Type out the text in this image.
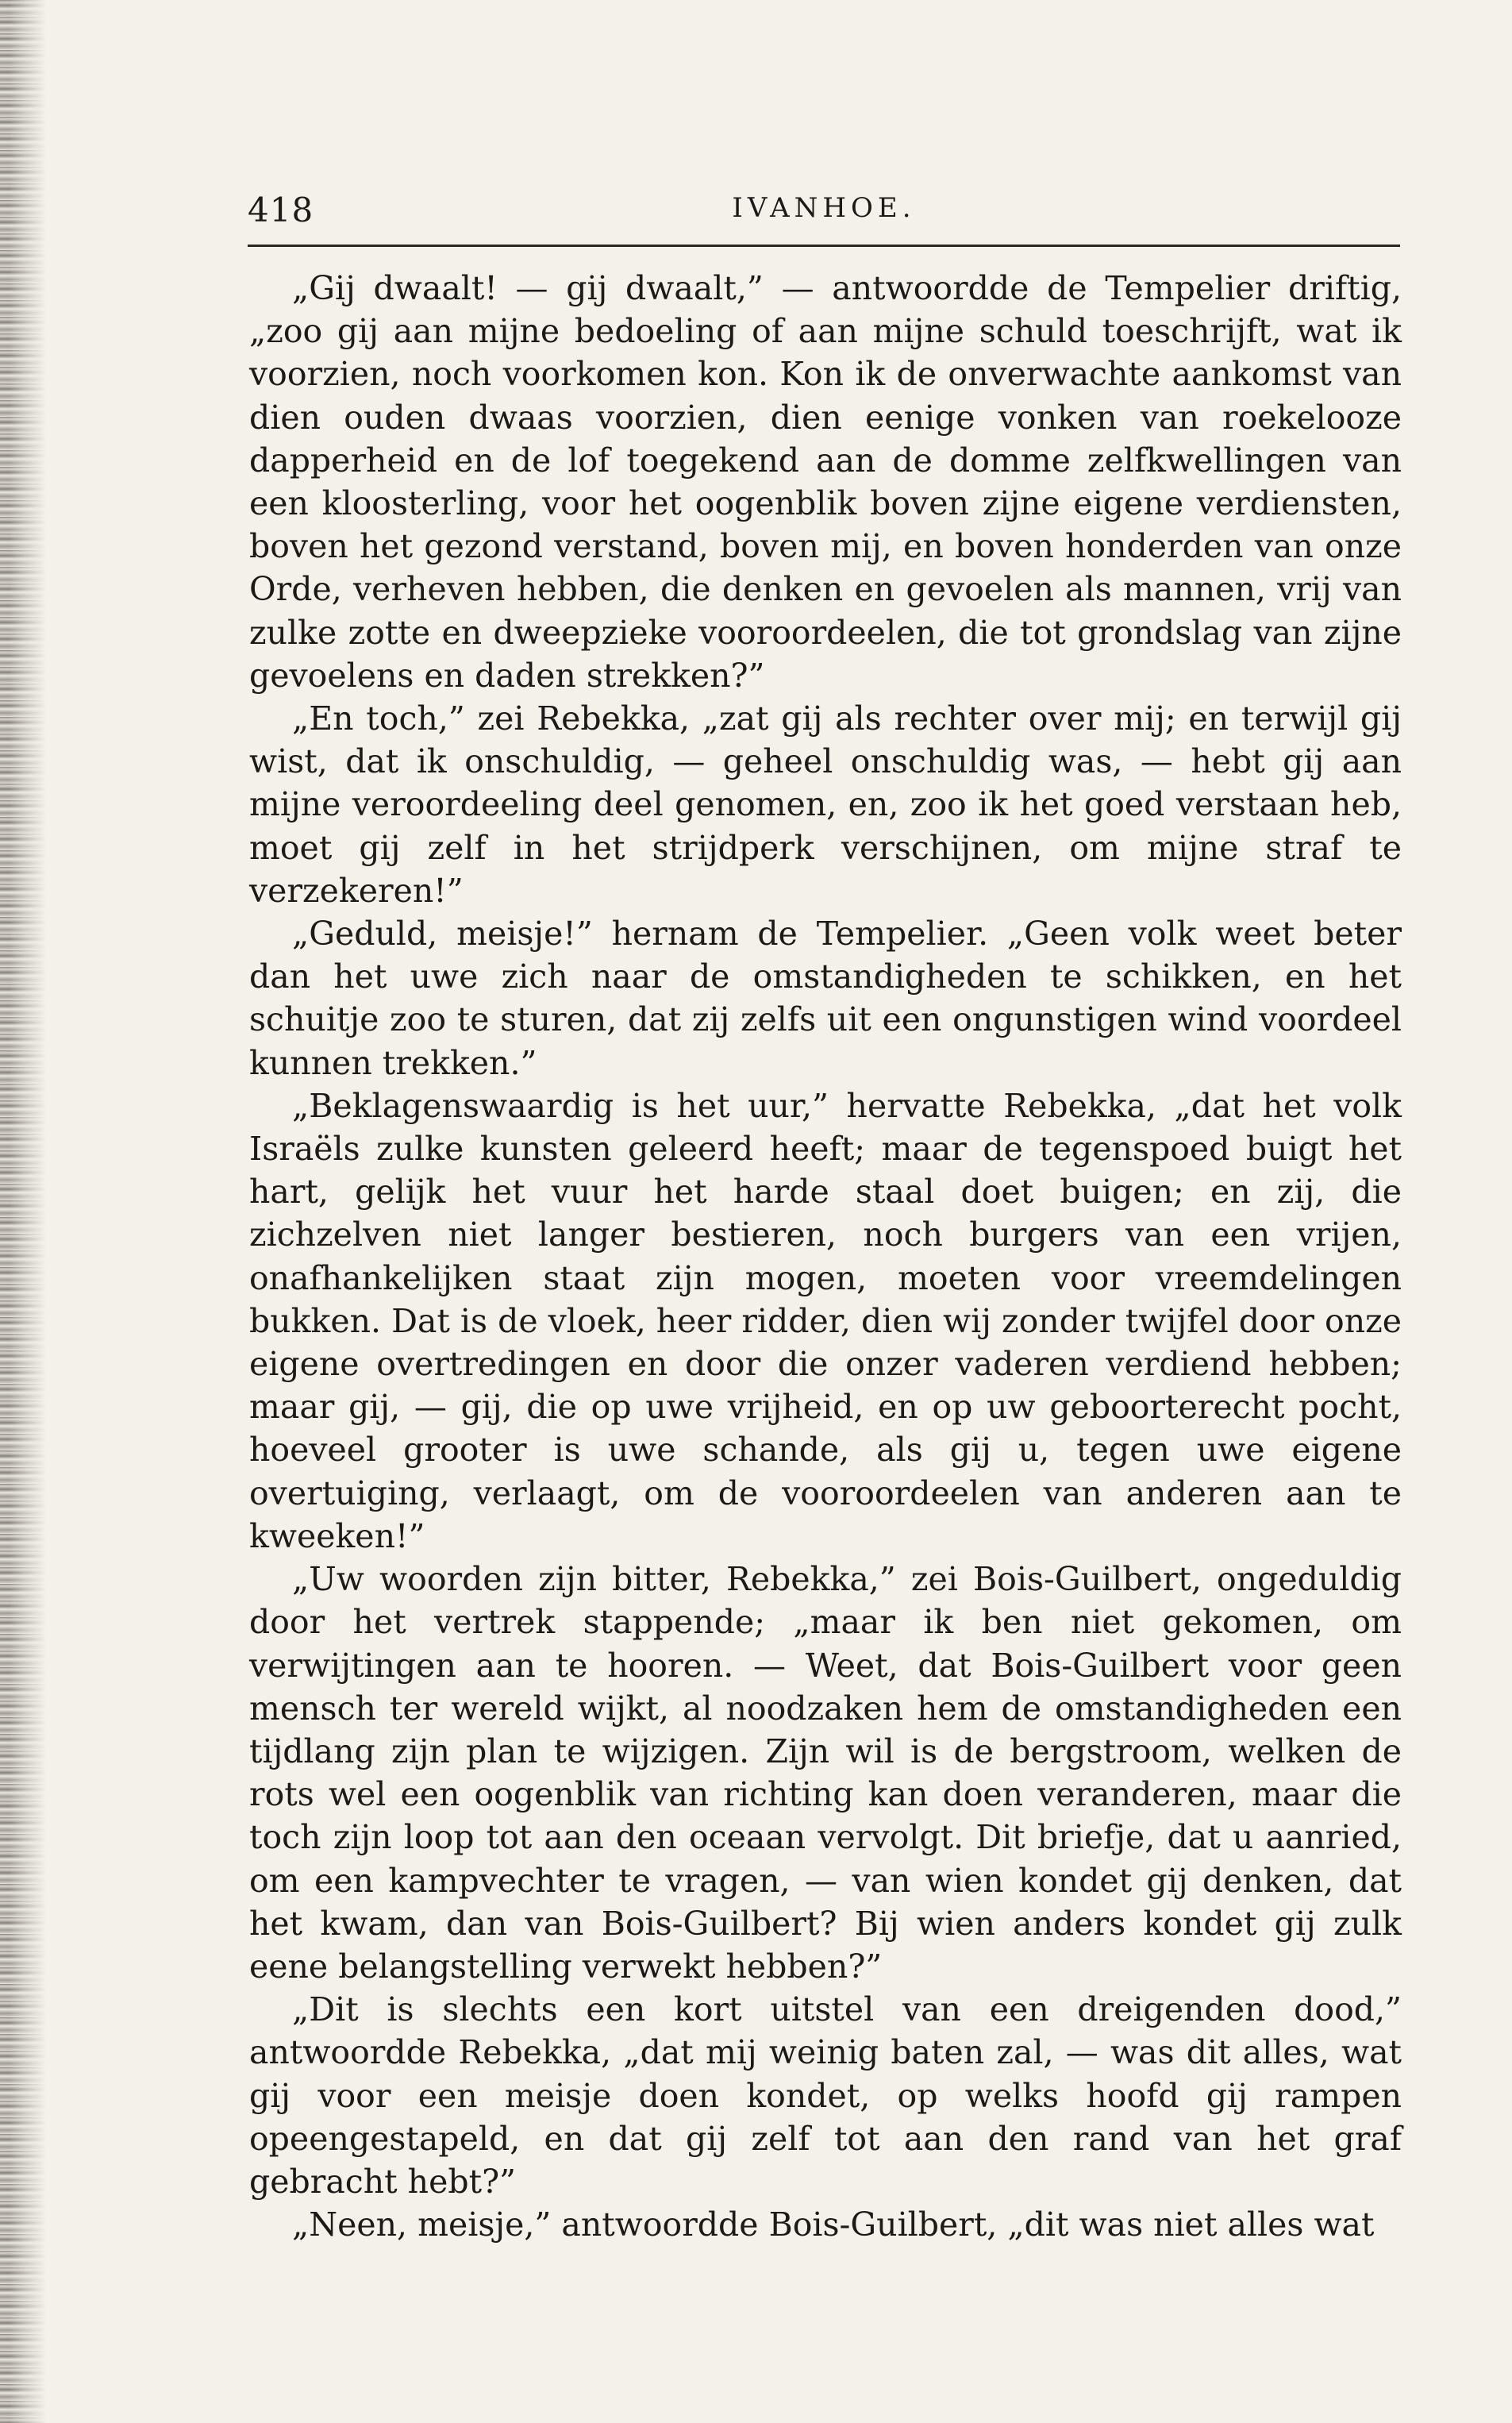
418	IVANHOE.

„Gij dwaalt! — gij dwaalt,” — antwoordde de Tempelier driftig, „zoo gij aan mijne bedoeling of aan mijne schuld toeschrijft, wat ik voorzien, noch voorkomen kon. Kon ik de onverwachte aankomst van dien ouden dwaas voorzien, dien eenige vonken van roekelooze dapperheid en de lof toegekend aan de domme zelfkwellingen van een kloosterling, voor het oogenblik boven zijne eigene verdiensten, boven het gezond verstand, boven mij, en boven honderden van onze Orde, verheven hebben, die denken en gevoelen als mannen, vrij van zulke zotte en dweepzieke vooroordeelen, die tot grondslag van zijne gevoelens en daden strekken?”

„En toch,” zei Rebekka, „zat gij als rechter over mij; en terwijl gij wist, dat ik onschuldig, — geheel onschuldig was, — hebt gij aan mijne veroordeeling deel genomen, en, zoo ik het goed verstaan heb, moet gij zelf in het strijdperk verschijnen, om mijne straf te verzekeren!”

„Geduld, meisje!” hernam de Tempelier. „Geen volk weet beter dan het uwe zich naar de omstandigheden te schikken, en het schuitje zoo te sturen, dat zij zelfs uit een ongunstigen wind voordeel kunnen trekken.”

„Beklagenswaardig is het uur,” hervatte Rebekka, „dat het volk Israëls zulke kunsten geleerd heeft; maar de tegenspoed buigt het hart, gelijk het vuur het harde staal doet buigen; en zij, die zichzelven niet langer bestieren, noch burgers van een vrijen, onafhankelijken staat zijn mogen, moeten voor vreemdelingen bukken. Dat is de vloek, heer ridder, dien wij zonder twijfel door onze eigene overtredingen en door die onzer vaderen verdiend hebben; maar gij, — gij, die op uwe vrijheid, en op uw geboorterecht pocht, hoeveel grooter is uwe schande, als gij u, tegen uwe eigene overtuiging, verlaagt, om de vooroordeelen van anderen aan te kweeken!”

„Uw woorden zijn bitter, Rebekka,” zei Bois-Guilbert, ongeduldig door het vertrek stappende; „maar ik ben niet gekomen, om verwijtingen aan te hooren. — Weet, dat Bois-Guilbert voor geen mensch ter wereld wijkt, al noodzaken hem de omstandigheden een tijdlang zijn plan te wijzigen. Zijn wil is de bergstroom, welken de rots wel een oogenblik van richting kan doen veranderen, maar die toch zijn loop tot aan den oceaan vervolgt. Dit briefje, dat u aanried, om een kampvechter te vragen, — van wien kondet gij denken, dat het kwam, dan van Bois-Guilbert? Bij wien anders kondet gij zulk eene belangstelling verwekt hebben?”

„Dit is slechts een kort uitstel van een dreigenden dood,” antwoordde Rebekka, „dat mij weinig baten zal, — was dit alles, wat gij voor een meisje doen kondet, op welks hoofd gij rampen opeengestapeld, en dat gij zelf tot aan den rand van het graf gebracht hebt?”

„Neen, meisje,” antwoordde Bois-Guilbert, „dit was niet alles wat
